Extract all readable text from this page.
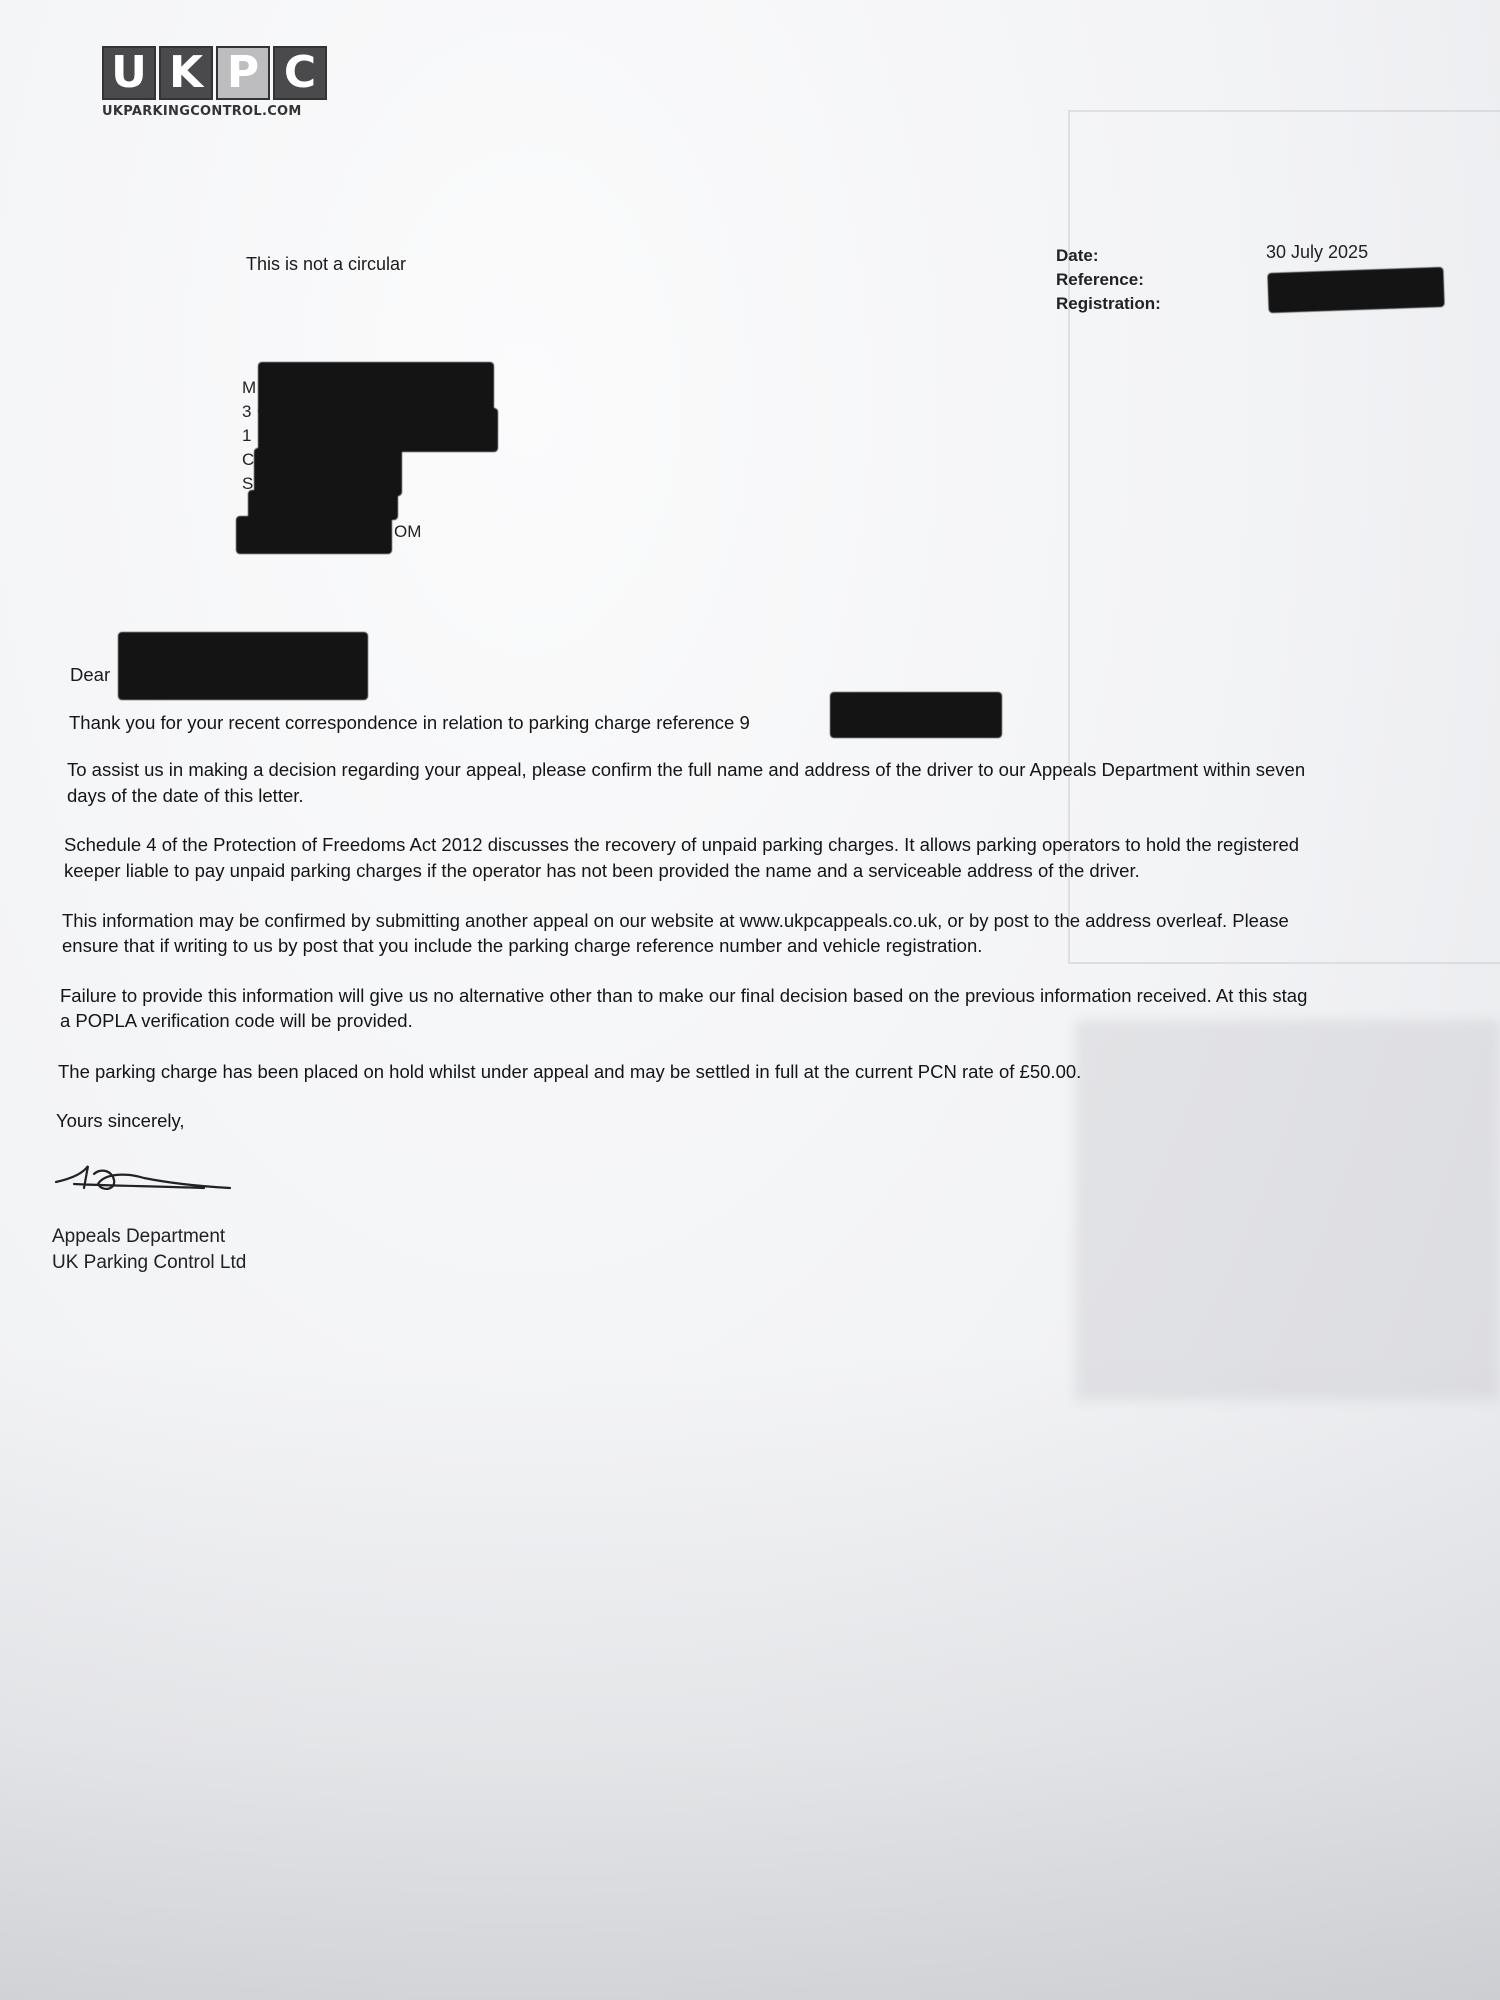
U K P C
UKPARKINGCONTROL.COM
This is not a circular	Date:
Reference:
Registration:
30 July 2025
M
3
1
C
S
OM
Dear

Thank you for your recent correspondence in relation to parking charge reference 9

To assist us in making a decision regarding your appeal, please confirm the full name and address of the driver to our Appeals Department within seven

days of the date of this letter.

Schedule 4 of the Protection of Freedoms Act 2012 discusses the recovery of unpaid parking charges. It allows parking operators to hold the registered

keeper liable to pay unpaid parking charges if the operator has not been provided the name and a serviceable address of the driver.

This information may be confirmed by submitting another appeal on our website at www.ukpcappeals.co.uk, or by post to the address overleaf. Please

ensure that if writing to us by post that you include the parking charge reference number and vehicle registration.

Failure to provide this information will give us no alternative other than to make our final decision based on the previous information received. At this stag

a POPLA verification code will be provided.

The parking charge has been placed on hold whilst under appeal and may be settled in full at the current PCN rate of £50.00.

Yours sincerely,

Appeals Department
UK Parking Control Ltd
